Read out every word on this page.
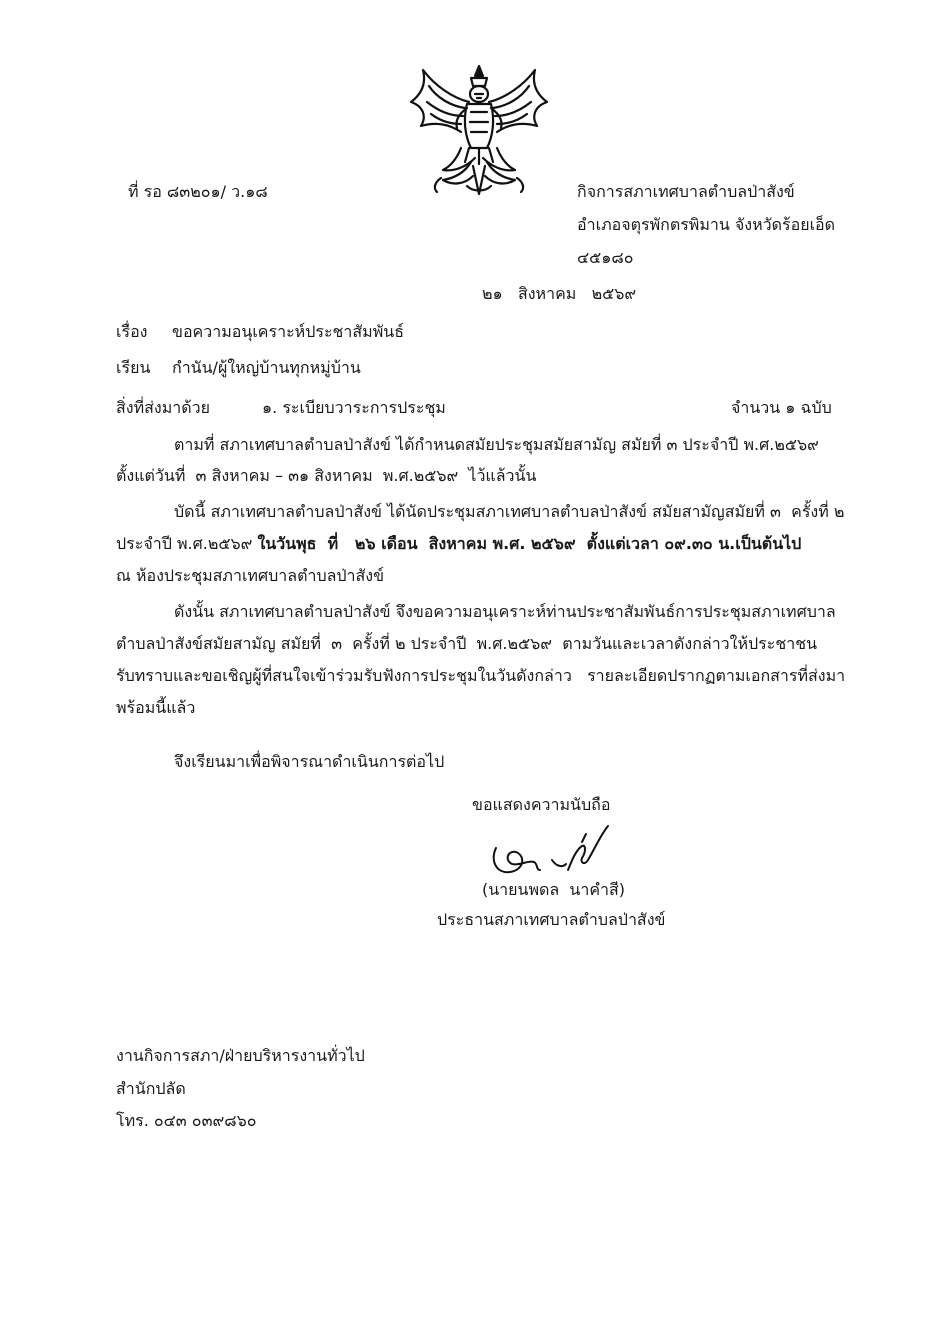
ที่ รอ ๘๓๒๐๑/ ว.๑๘	กิจการสภาเทศบาลตำบลป่าสังข์
อำเภอจตุรพักตรพิมาน จังหวัดร้อยเอ็ด
๔๕๑๘๐
๒๑   สิงหาคม   ๒๕๖๙
เรื่อง ขอความอนุเคราะห์ประชาสัมพันธ์
เรียน กำนัน/ผู้ใหญ่บ้านทุกหมู่บ้าน
สิ่งที่ส่งมาด้วย	๑. ระเบียบวาระการประชุม	จำนวน ๑ ฉบับ
ตามที่ สภาเทศบาลตำบลป่าสังข์ ได้กำหนดสมัยประชุมสมัยสามัญ สมัยที่ ๓ ประจำปี พ.ศ.๒๕๖๙
ตั้งแต่วันที่  ๓ สิงหาคม – ๓๑ สิงหาคม  พ.ศ.๒๕๖๙  ไว้แล้วนั้น
บัดนี้ สภาเทศบาลตำบลป่าสังข์ ได้นัดประชุมสภาเทศบาลตำบลป่าสังข์ สมัยสามัญสมัยที่ ๓  ครั้งที่ ๒
ประจำปี พ.ศ.๒๕๖๙ ในวันพุธ  ที่   ๒๖ เดือน  สิงหาคม พ.ศ. ๒๕๖๙  ตั้งแต่เวลา ๐๙.๓๐ น.เป็นต้นไป
ณ ห้องประชุมสภาเทศบาลตำบลป่าสังข์
ดังนั้น สภาเทศบาลตำบลป่าสังข์ จึงขอความอนุเคราะห์ท่านประชาสัมพันธ์การประชุมสภาเทศบาล
ตำบลป่าสังข์สมัยสามัญ สมัยที่  ๓  ครั้งที่ ๒ ประจำปี  พ.ศ.๒๕๖๙  ตามวันและเวลาดังกล่าวให้ประชาชน
รับทราบและขอเชิญผู้ที่สนใจเข้าร่วมรับฟังการประชุมในวันดังกล่าว   รายละเอียดปรากฏตามเอกสารที่ส่งมา
พร้อมนี้แล้ว
จึงเรียนมาเพื่อพิจารณาดำเนินการต่อไป
ขอแสดงความนับถือ
(นายนพดล  นาคำสี)
ประธานสภาเทศบาลตำบลป่าสังข์
งานกิจการสภา/ฝ่ายบริหารงานทั่วไป
สำนักปลัด
โทร. ๐๔๓ ๐๓๙๘๖๐
